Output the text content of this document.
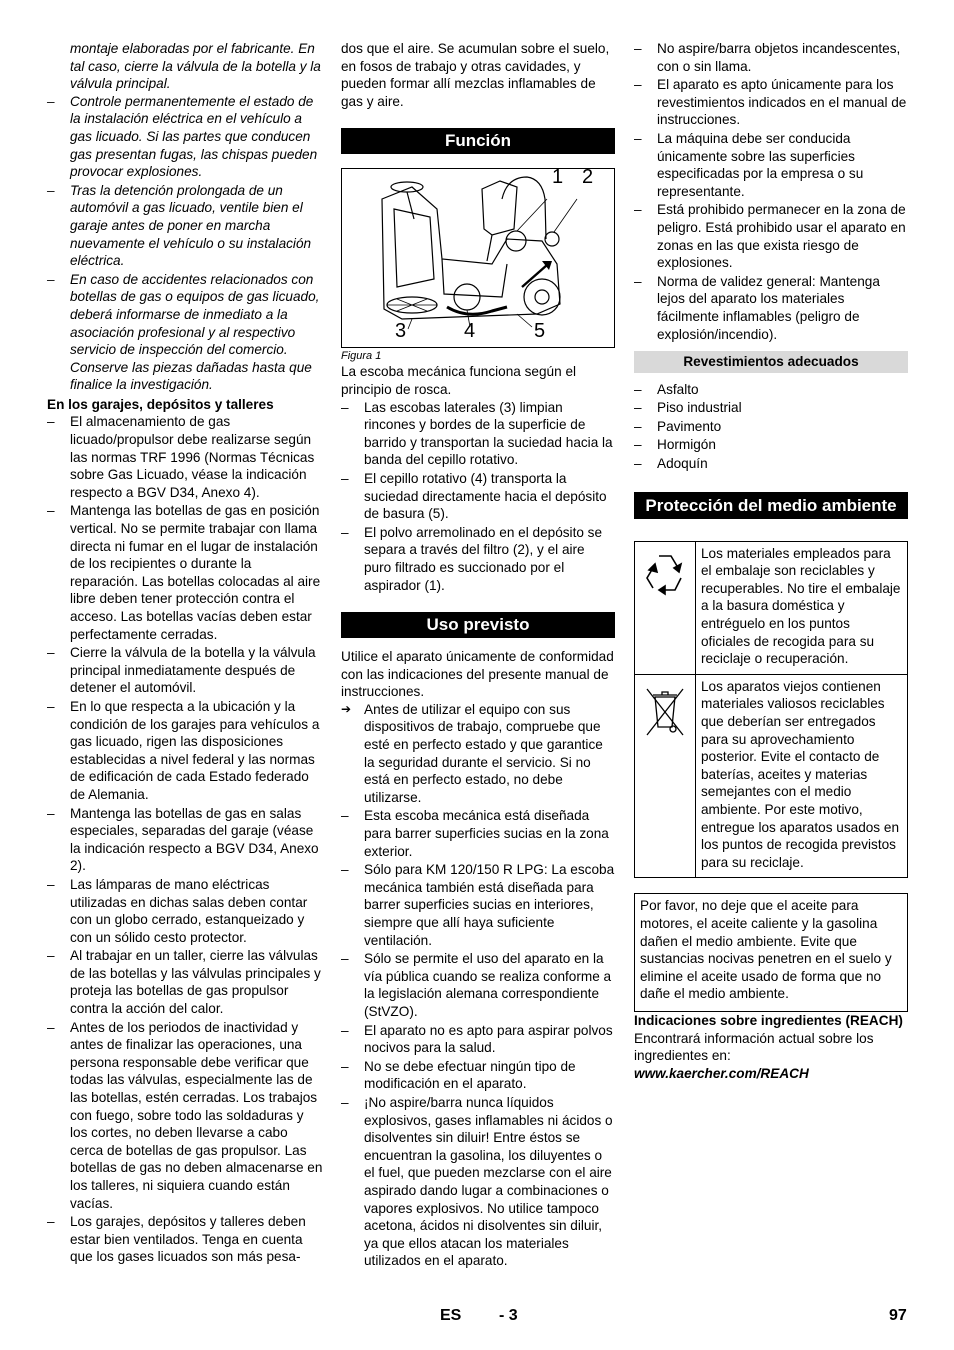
montaje elaboradas por el fabricante. En tal caso, cierre la válvula de la botella y la válvula principal.

– Controle permanentemente el estado de la instalación eléctrica en el vehículo a gas licuado. Si las partes que conducen gas presentan fugas, las chispas pueden provocar explosiones.
– Tras la detención prolongada de un automóvil a gas licuado, ventile bien el garaje antes de poner en marcha nuevamente el vehículo o su instalación eléctrica.
– En caso de accidentes relacionados con botellas de gas o equipos de gas licuado, deberá informarse de inmediato a la asociación profesional y al respectivo servicio de inspección del comercio. Conserve las piezas dañadas hasta que finalice la investigación.

En los garajes, depósitos y talleres

– El almacenamiento de gas licuado/propulsor debe realizarse según las normas TRF 1996 (Normas Técnicas sobre Gas Licuado, véase la indicación respecto a BGV D34, Anexo 4).
– Mantenga las botellas de gas en posición vertical. No se permite trabajar con llama directa ni fumar en el lugar de instalación de los recipientes o durante la reparación. Las botellas colocadas al aire libre deben tener protección contra el acceso. Las botellas vacías deben estar perfectamente cerradas.
– Cierre la válvula de la botella y la válvula principal inmediatamente después de detener el automóvil.
– En lo que respecta a la ubicación y la condición de los garajes para vehículos a gas licuado, rigen las disposiciones establecidas a nivel federal y las normas de edificación de cada Estado federado de Alemania.
– Mantenga las botellas de gas en salas especiales, separadas del garaje (véase la indicación respecto a BGV D34, Anexo 2).
– Las lámparas de mano eléctricas utilizadas en dichas salas deben contar con un globo cerrado, estanqueizado y con un sólido cesto protector.
– Al trabajar en un taller, cierre las válvulas de las botellas y las válvulas principales y proteja las botellas de gas propulsor contra la acción del calor.
– Antes de los periodos de inactividad y antes de finalizar las operaciones, una persona responsable debe verificar que todas las válvulas, especialmente las de las botellas, estén cerradas. Los trabajos con fuego, sobre todo las soldaduras y los cortes, no deben llevarse a cabo cerca de botellas de gas propulsor. Las botellas de gas no deben almacenarse en los talleres, ni siquiera cuando están vacías.
– Los garajes, depósitos y talleres deben estar bien ventilados. Tenga en cuenta que los gases licuados son más pesa-

dos que el aire. Se acumulan sobre el suelo, en fosos de trabajo y otras cavidades, y pueden formar allí mezclas inflamables de gas y aire.

Función
1 2
3	4	5
Figura 1

La escoba mecánica funciona según el principio de rosca.

– Las escobas laterales (3) limpian rincones y bordes de la superficie de barrido y transportan la suciedad hacia la banda del cepillo rotativo.
– El cepillo rotativo (4) transporta la suciedad directamente hacia el depósito de basura (5).
– El polvo arremolinado en el depósito se separa a través del filtro (2), y el aire puro filtrado es succionado por el aspirador (1).
Uso previsto

Utilice el aparato únicamente de conformidad con las indicaciones del presente manual de instrucciones.

➔ Antes de utilizar el equipo con sus dispositivos de trabajo, compruebe que esté en perfecto estado y que garantice la seguridad durante el servicio. Si no está en perfecto estado, no debe utilizarse.
– Esta escoba mecánica está diseñada para barrer superficies sucias en la zona exterior.
– Sólo para KM 120/150 R LPG: La escoba mecánica también está diseñada para barrer superficies sucias en interiores, siempre que allí haya suficiente ventilación.
– Sólo se permite el uso del aparato en la vía pública cuando se realiza conforme a la legislación alemana correspondiente (StVZO).
– El aparato no es apto para aspirar polvos nocivos para la salud.
– No se debe efectuar ningún tipo de modificación en el aparato.
– ¡No aspire/barra nunca líquidos explosivos, gases inflamables ni ácidos o disolventes sin diluir! Entre éstos se encuentran la gasolina, los diluyentes o el fuel, que pueden mezclarse con el aire aspirado dando lugar a combinaciones o vapores explosivos. No utilice tampoco acetona, ácidos ni disolventes sin diluir, ya que ellos atacan los materiales utilizados en el aparato.
– No aspire/barra objetos incandescentes, con o sin llama.
– El aparato es apto únicamente para los revestimientos indicados en el manual de instrucciones.
– La máquina debe ser conducida únicamente sobre las superficies especificadas por la empresa o su representante.
– Está prohibido permanecer en la zona de peligro. Está prohibido usar el aparato en zonas en las que exista riesgo de explosiones.
– Norma de validez general: Mantenga lejos del aparato los materiales fácilmente inflamables (peligro de explosión/incendio).
Revestimientos adecuados
– Asfalto
– Piso industrial
– Pavimento
– Hormigón
– Adoquín
Protección del medio ambiente
	Los materiales empleados para el embalaje son reciclables y recuperables. No tire el embalaje a la basura doméstica y entréguelo en los puntos oficiales de recogida para su reciclaje o recuperación.
	Los aparatos viejos contienen materiales valiosos reciclables que deberían ser entregados para su aprovechamiento posterior. Evite el contacto de baterías, aceites y materias semejantes con el medio ambiente. Por este motivo, entregue los aparatos usados en los puntos de recogida previstos para su reciclaje.
Por favor, no deje que el aceite para motores, el aceite caliente y la gasolina dañen el medio ambiente. Evite que sustancias nocivas penetren en el suelo y elimine el aceite usado de forma que no dañe el medio ambiente.

Indicaciones sobre ingredientes (REACH)

Encontrará información actual sobre los ingredientes en:

www.kaercher.com/REACH

ES - 3	97
